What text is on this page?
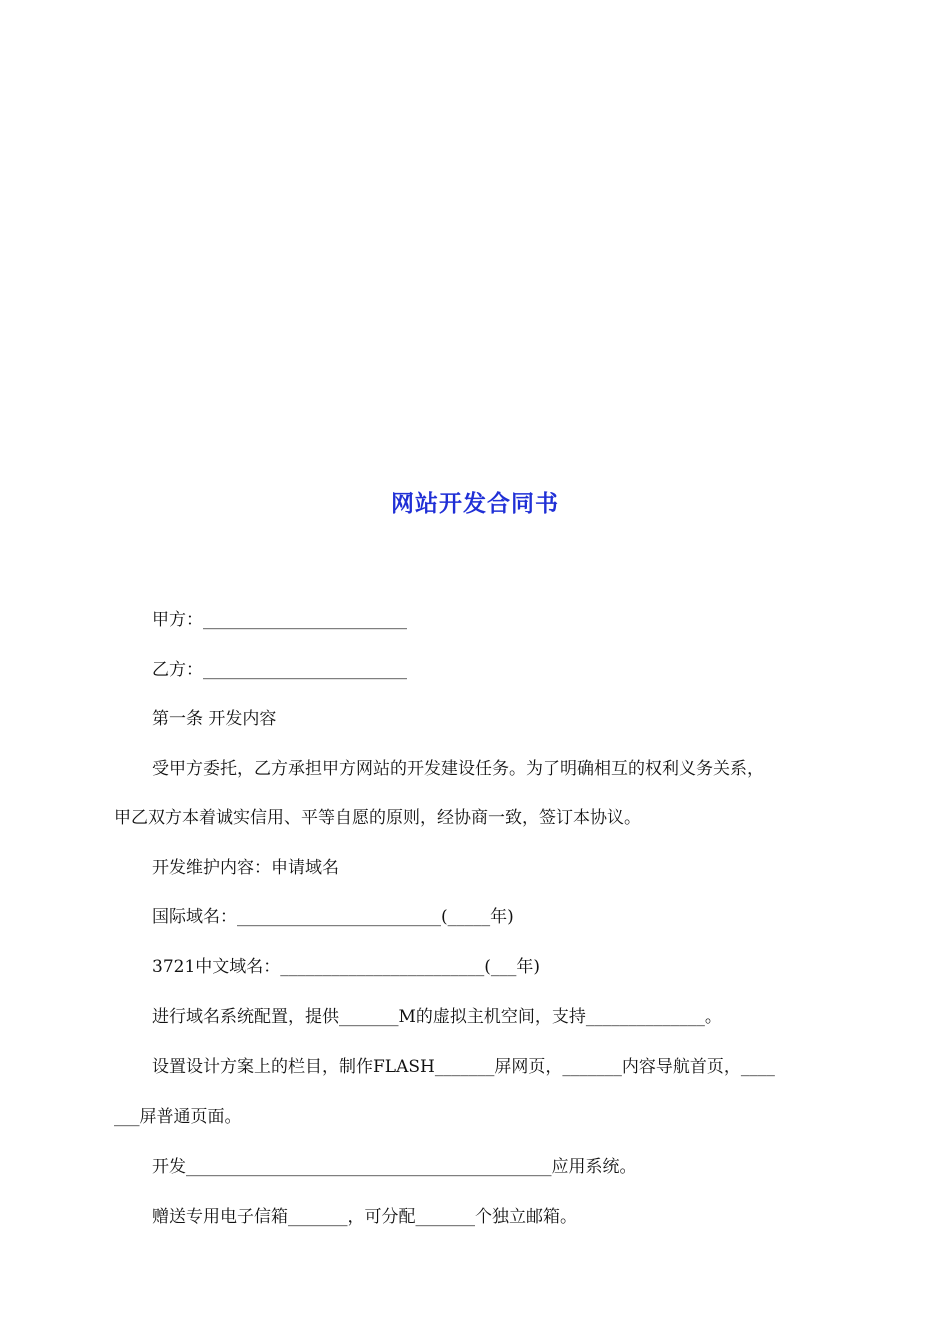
网站开发合同书
甲方：________________________
乙方：________________________
第一条 开发内容
受甲方委托，乙方承担甲方网站的开发建设任务。为了明确相互的权利义务关系，
甲乙双方本着诚实信用、平等自愿的原则，经协商一致，签订本协议。
开发维护内容：申请域名
国际域名：________________________(_____年)
3721中文域名：________________________(___年)
进行域名系统配置，提供_______M的虚拟主机空间，支持______________。
设置设计方案上的栏目，制作FLASH_______屏网页，_______内容导航首页，____
___屏普通页面。
开发___________________________________________应用系统。
赠送专用电子信箱_______，可分配_______个独立邮箱。
